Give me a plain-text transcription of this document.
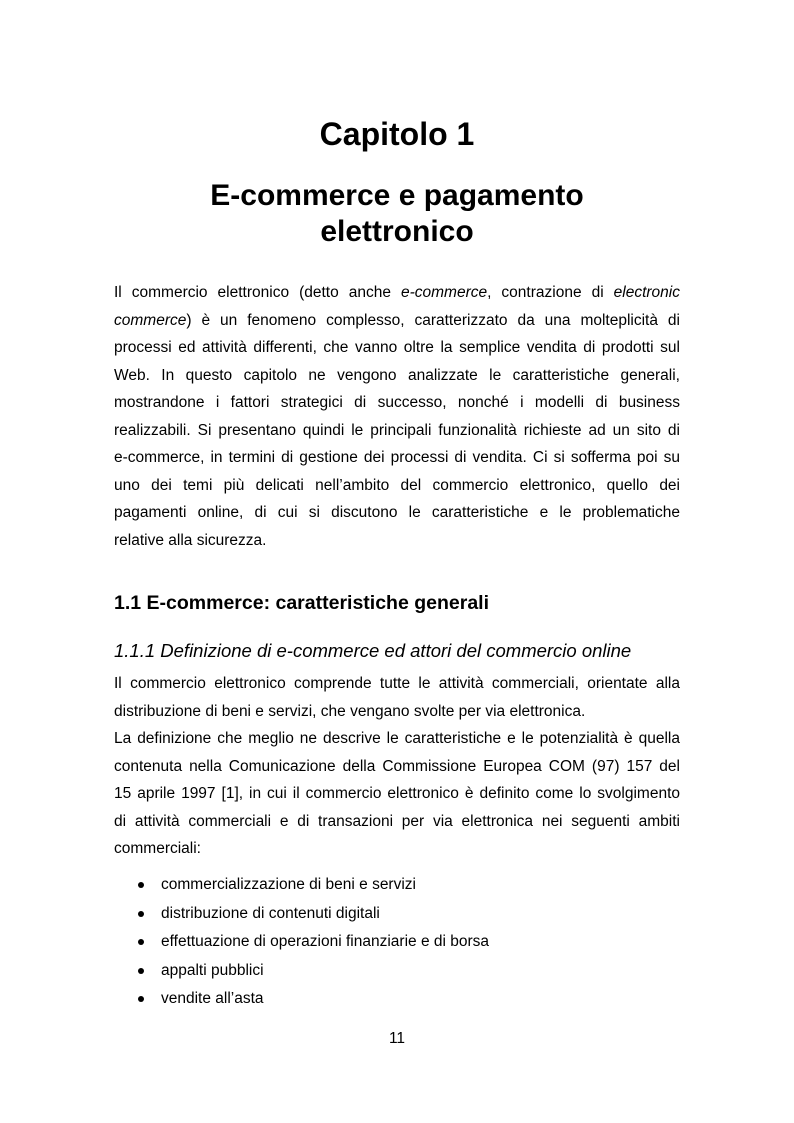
Capitolo 1
E-commerce e pagamento
elettronico
Il commercio elettronico (detto anche e-commerce, contrazione di electronic
commerce) è un fenomeno complesso, caratterizzato da una molteplicità di
processi ed attività differenti, che vanno oltre la semplice vendita di prodotti sul
Web. In questo capitolo ne vengono analizzate le caratteristiche generali,
mostrandone i fattori strategici di successo, nonché i modelli di business
realizzabili. Si presentano quindi le principali funzionalità richieste ad un sito di
e-commerce, in termini di gestione dei processi di vendita. Ci si sofferma poi su
uno dei temi più delicati nell’ambito del commercio elettronico, quello dei
pagamenti online, di cui si discutono le caratteristiche e le problematiche
relative alla sicurezza.
1.1 E-commerce: caratteristiche generali
1.1.1 Definizione di e-commerce ed attori del commercio online
Il commercio elettronico comprende tutte le attività commerciali, orientate alla
distribuzione di beni e servizi, che vengano svolte per via elettronica.
La definizione che meglio ne descrive le caratteristiche e le potenzialità è quella
contenuta nella Comunicazione della Commissione Europea COM (97) 157 del
15 aprile 1997 [1], in cui il commercio elettronico è definito come lo svolgimento
di attività commerciali e di transazioni per via elettronica nei seguenti ambiti
commerciali:
commercializzazione di beni e servizi
distribuzione di contenuti digitali
effettuazione di operazioni finanziarie e di borsa
appalti pubblici
vendite all’asta
11
